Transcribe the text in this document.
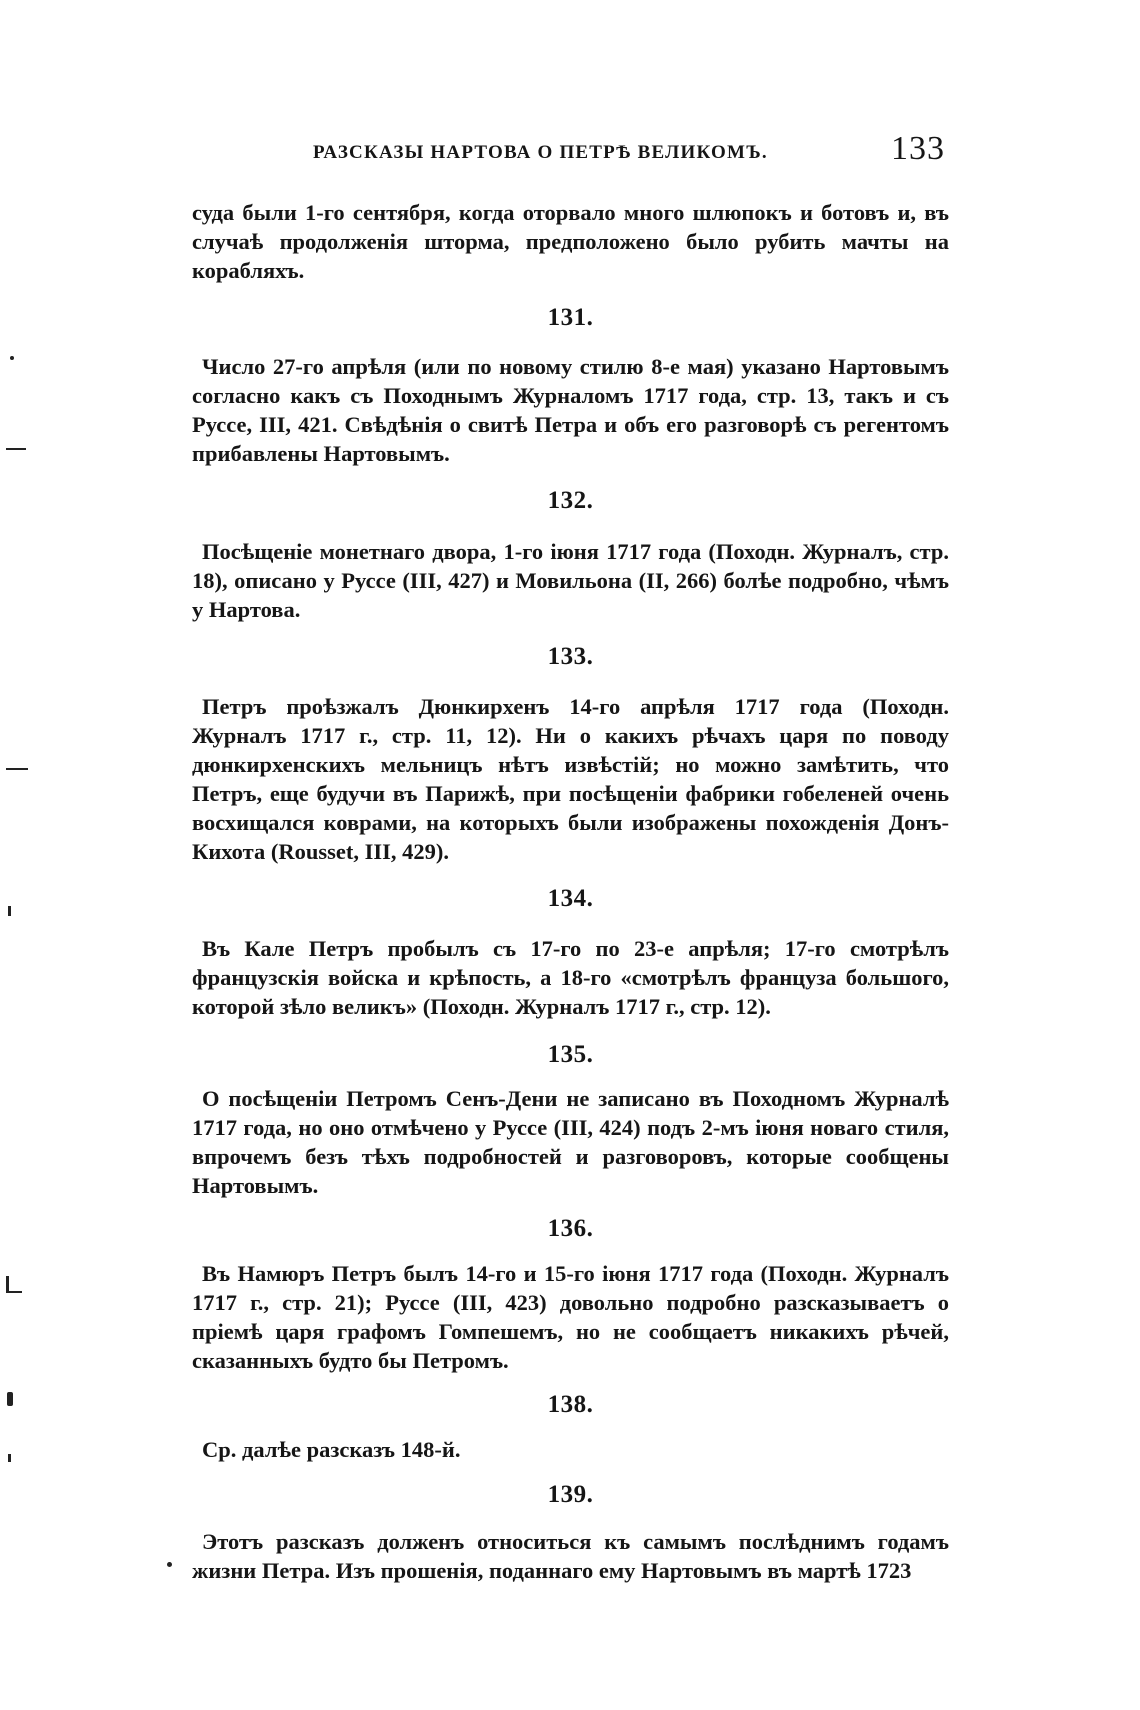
РАЗСКАЗЫ НАРТОВА О ПЕТРѢ ВЕЛИКОМЪ.	133

суда были 1-го сентября, когда оторвало много шлюпокъ и ботовъ и, въ случаѣ продолженія шторма, предположено было рубить мачты на корабляхъ.

131.

Число 27-го апрѣля (или по новому стилю 8-е мая) указано Нартовымъ согласно какъ съ Походнымъ Журналомъ 1717 года, стр. 13, такъ и съ Руссе, III, 421. Свѣдѣнія о свитѣ Петра и объ его разговорѣ съ регентомъ прибавлены Нартовымъ.

132.

Посѣщеніе монетнаго двора, 1-го іюня 1717 года (Походн. Журналъ, стр. 18), описано у Руссе (III, 427) и Мовильона (II, 266) болѣе подробно, чѣмъ у Нартова.

133.

Петръ проѣзжалъ Дюнкирхенъ 14-го апрѣля 1717 года (Походн. Журналъ 1717 г., стр. 11, 12). Ни о какихъ рѣчахъ царя по поводу дюнкирхенскихъ мельницъ нѣтъ извѣстій; но можно замѣтить, что Петръ, еще будучи въ Парижѣ, при посѣщеніи фабрики гобеленей очень восхищался коврами, на которыхъ были изображены похожденія Донъ-Кихота (Rousset, III, 429).

134.

Въ Кале Петръ пробылъ съ 17-го по 23-е апрѣля; 17-го смотрѣлъ французскія войска и крѣпость, а 18-го «смотрѣлъ француза большого, которой зѣло великъ» (Походн. Журналъ 1717 г., стр. 12).

135.

О посѣщеніи Петромъ Сенъ-Дени не записано въ Походномъ Журналѣ 1717 года, но оно отмѣчено у Руссе (III, 424) подъ 2-мъ іюня новаго стиля, впрочемъ безъ тѣхъ подробностей и разговоровъ, которые сообщены Нартовымъ.

136.

Въ Намюръ Петръ былъ 14-го и 15-го іюня 1717 года (Походн. Журналъ 1717 г., стр. 21); Руссе (III, 423) довольно подробно разсказываетъ о пріемѣ царя графомъ Гомпешемъ, но не сообщаетъ никакихъ рѣчей, сказанныхъ будто бы Петромъ.

138.

Ср. далѣе разсказъ 148-й.

139.

Этотъ разсказъ долженъ относиться къ самымъ послѣднимъ годамъ жизни Петра. Изъ прошенія, поданнаго ему Нартовымъ въ мартѣ 1723
